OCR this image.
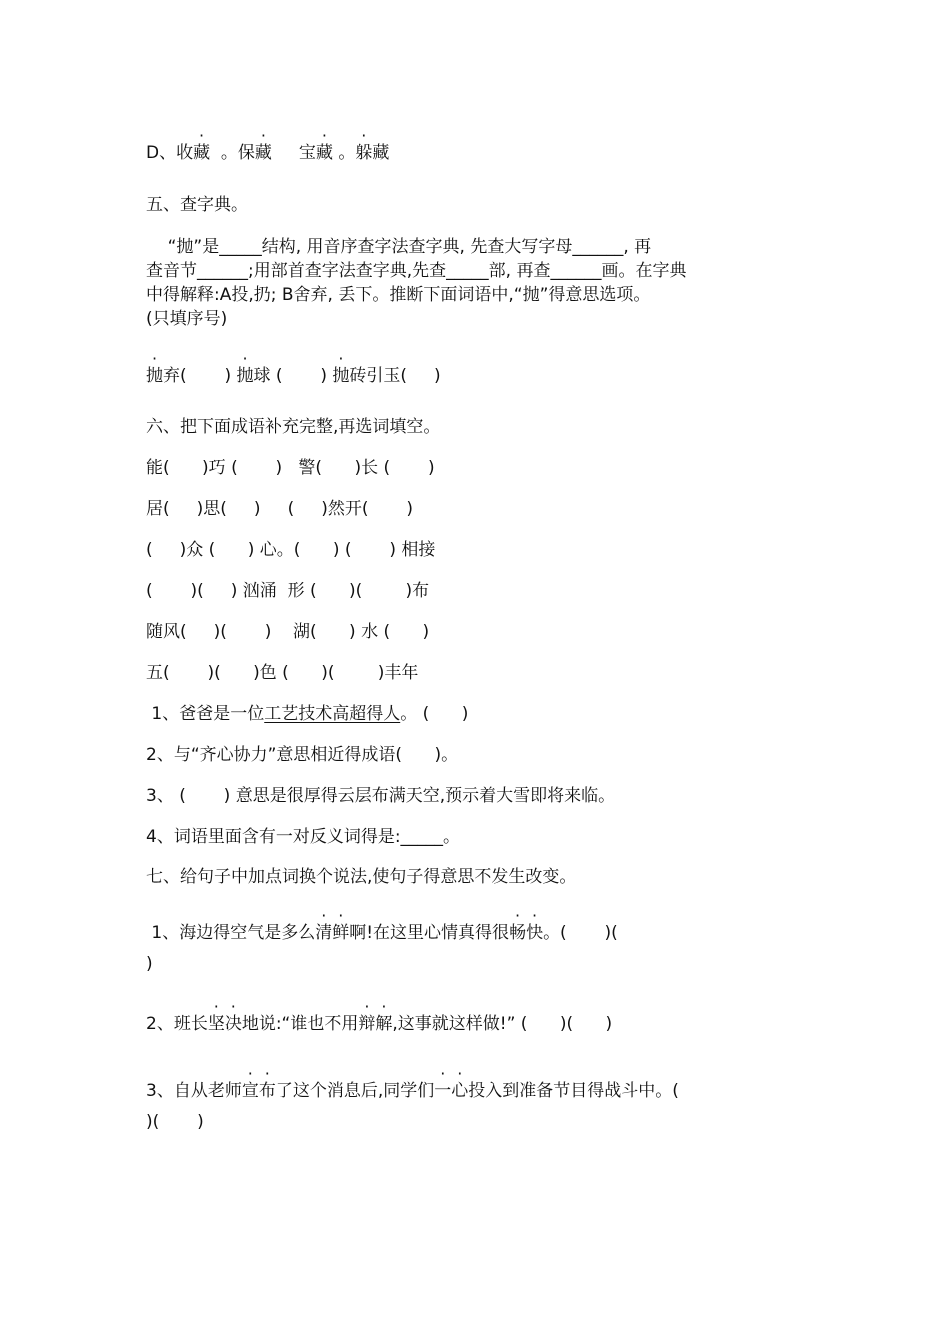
D、收藏  。保藏     宝藏 。躲藏
五、查字典。
“抛”是_____结构, 用音序查字法查字典, 先查大写字母______, 再
查音节______;用部首查字法查字典,先查_____部, 再查______画。在字典
中得解释:A投,扔; B舍弃, 丢下。推断下面词语中,“抛”得意思选项。
(只填序号)
抛弃(       ) 抛球 (       ) 抛砖引玉(     )
六、把下面成语补充完整,再选词填空。
能(      )巧 (       )   警(      )长 (       )
居(     )思(     )     (     )然开(       )
(     )众 (      ) 心。(      ) (       ) 相接
(       )(     ) 汹涌  形 (      )(        )布
随风(     )(       )    湖(      ) 水 (      )
五(       )(      )色 (      )(        )丰年
1、爸爸是一位工艺技术高超得人。 (      )
2、与“齐心协力”意思相近得成语(      )。
3、 (       ) 意思是很厚得云层布满天空,预示着大雪即将来临。
4、词语里面含有一对反义词得是:_____。
七、给句子中加点词换个说法,使句子得意思不发生改变。
1、海边得空气是多么清鲜啊!在这里心情真得很畅快。(       )(
)
2、班长坚决地说:“谁也不用辩解,这事就这样做!” (      )(      )
3、自从老师宣布了这个消息后,同学们一心投入到准备节目得战斗中。(
)(       )
